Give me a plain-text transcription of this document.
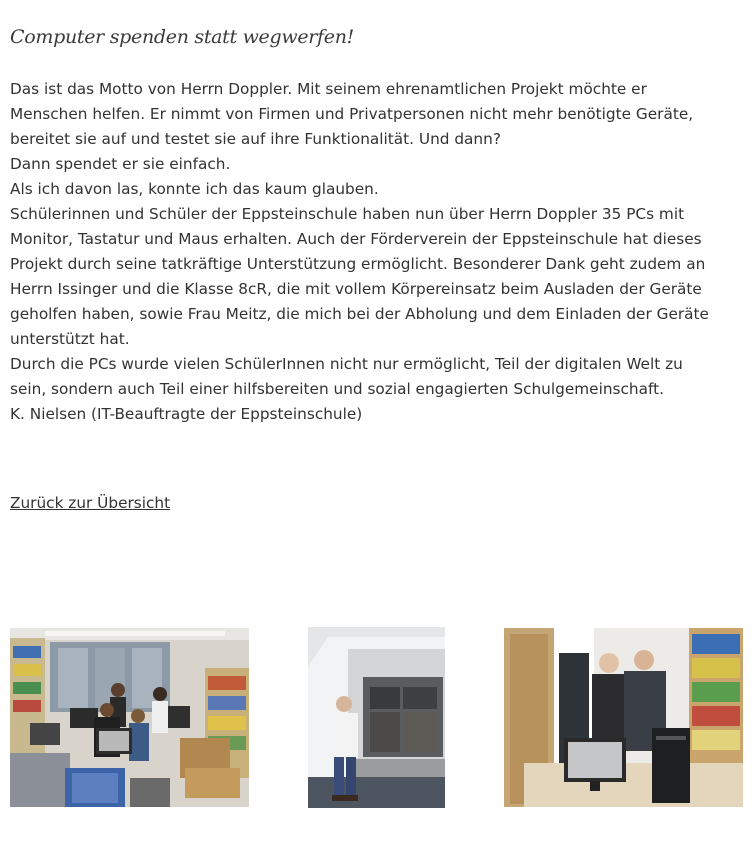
Computer spenden statt wegwerfen!

Das ist das Motto von Herrn Doppler. Mit seinem ehrenamtlichen Projekt möchte er

Menschen helfen. Er nimmt von Firmen und Privatpersonen nicht mehr benötigte Geräte,

bereitet sie auf und testet sie auf ihre Funktionalität. Und dann?

Dann spendet er sie einfach.

Als ich davon las, konnte ich das kaum glauben.

Schülerinnen und Schüler der Eppsteinschule haben nun über Herrn Doppler 35 PCs mit

Monitor, Tastatur und Maus erhalten. Auch der Förderverein der Eppsteinschule hat dieses

Projekt durch seine tatkräftige Unterstützung ermöglicht. Besonderer Dank geht zudem an

Herrn Issinger und die Klasse 8cR, die mit vollem Körpereinsatz beim Ausladen der Geräte

geholfen haben, sowie Frau Meitz, die mich bei der Abholung und dem Einladen der Geräte

unterstützt hat.

Durch die PCs wurde vielen SchülerInnen nicht nur ermöglicht, Teil der digitalen Welt zu

sein, sondern auch Teil einer hilfsbereiten und sozial engagierten Schulgemeinschaft.

K. Nielsen (IT-Beauftragte der Eppsteinschule)

Zurück zur Übersicht
